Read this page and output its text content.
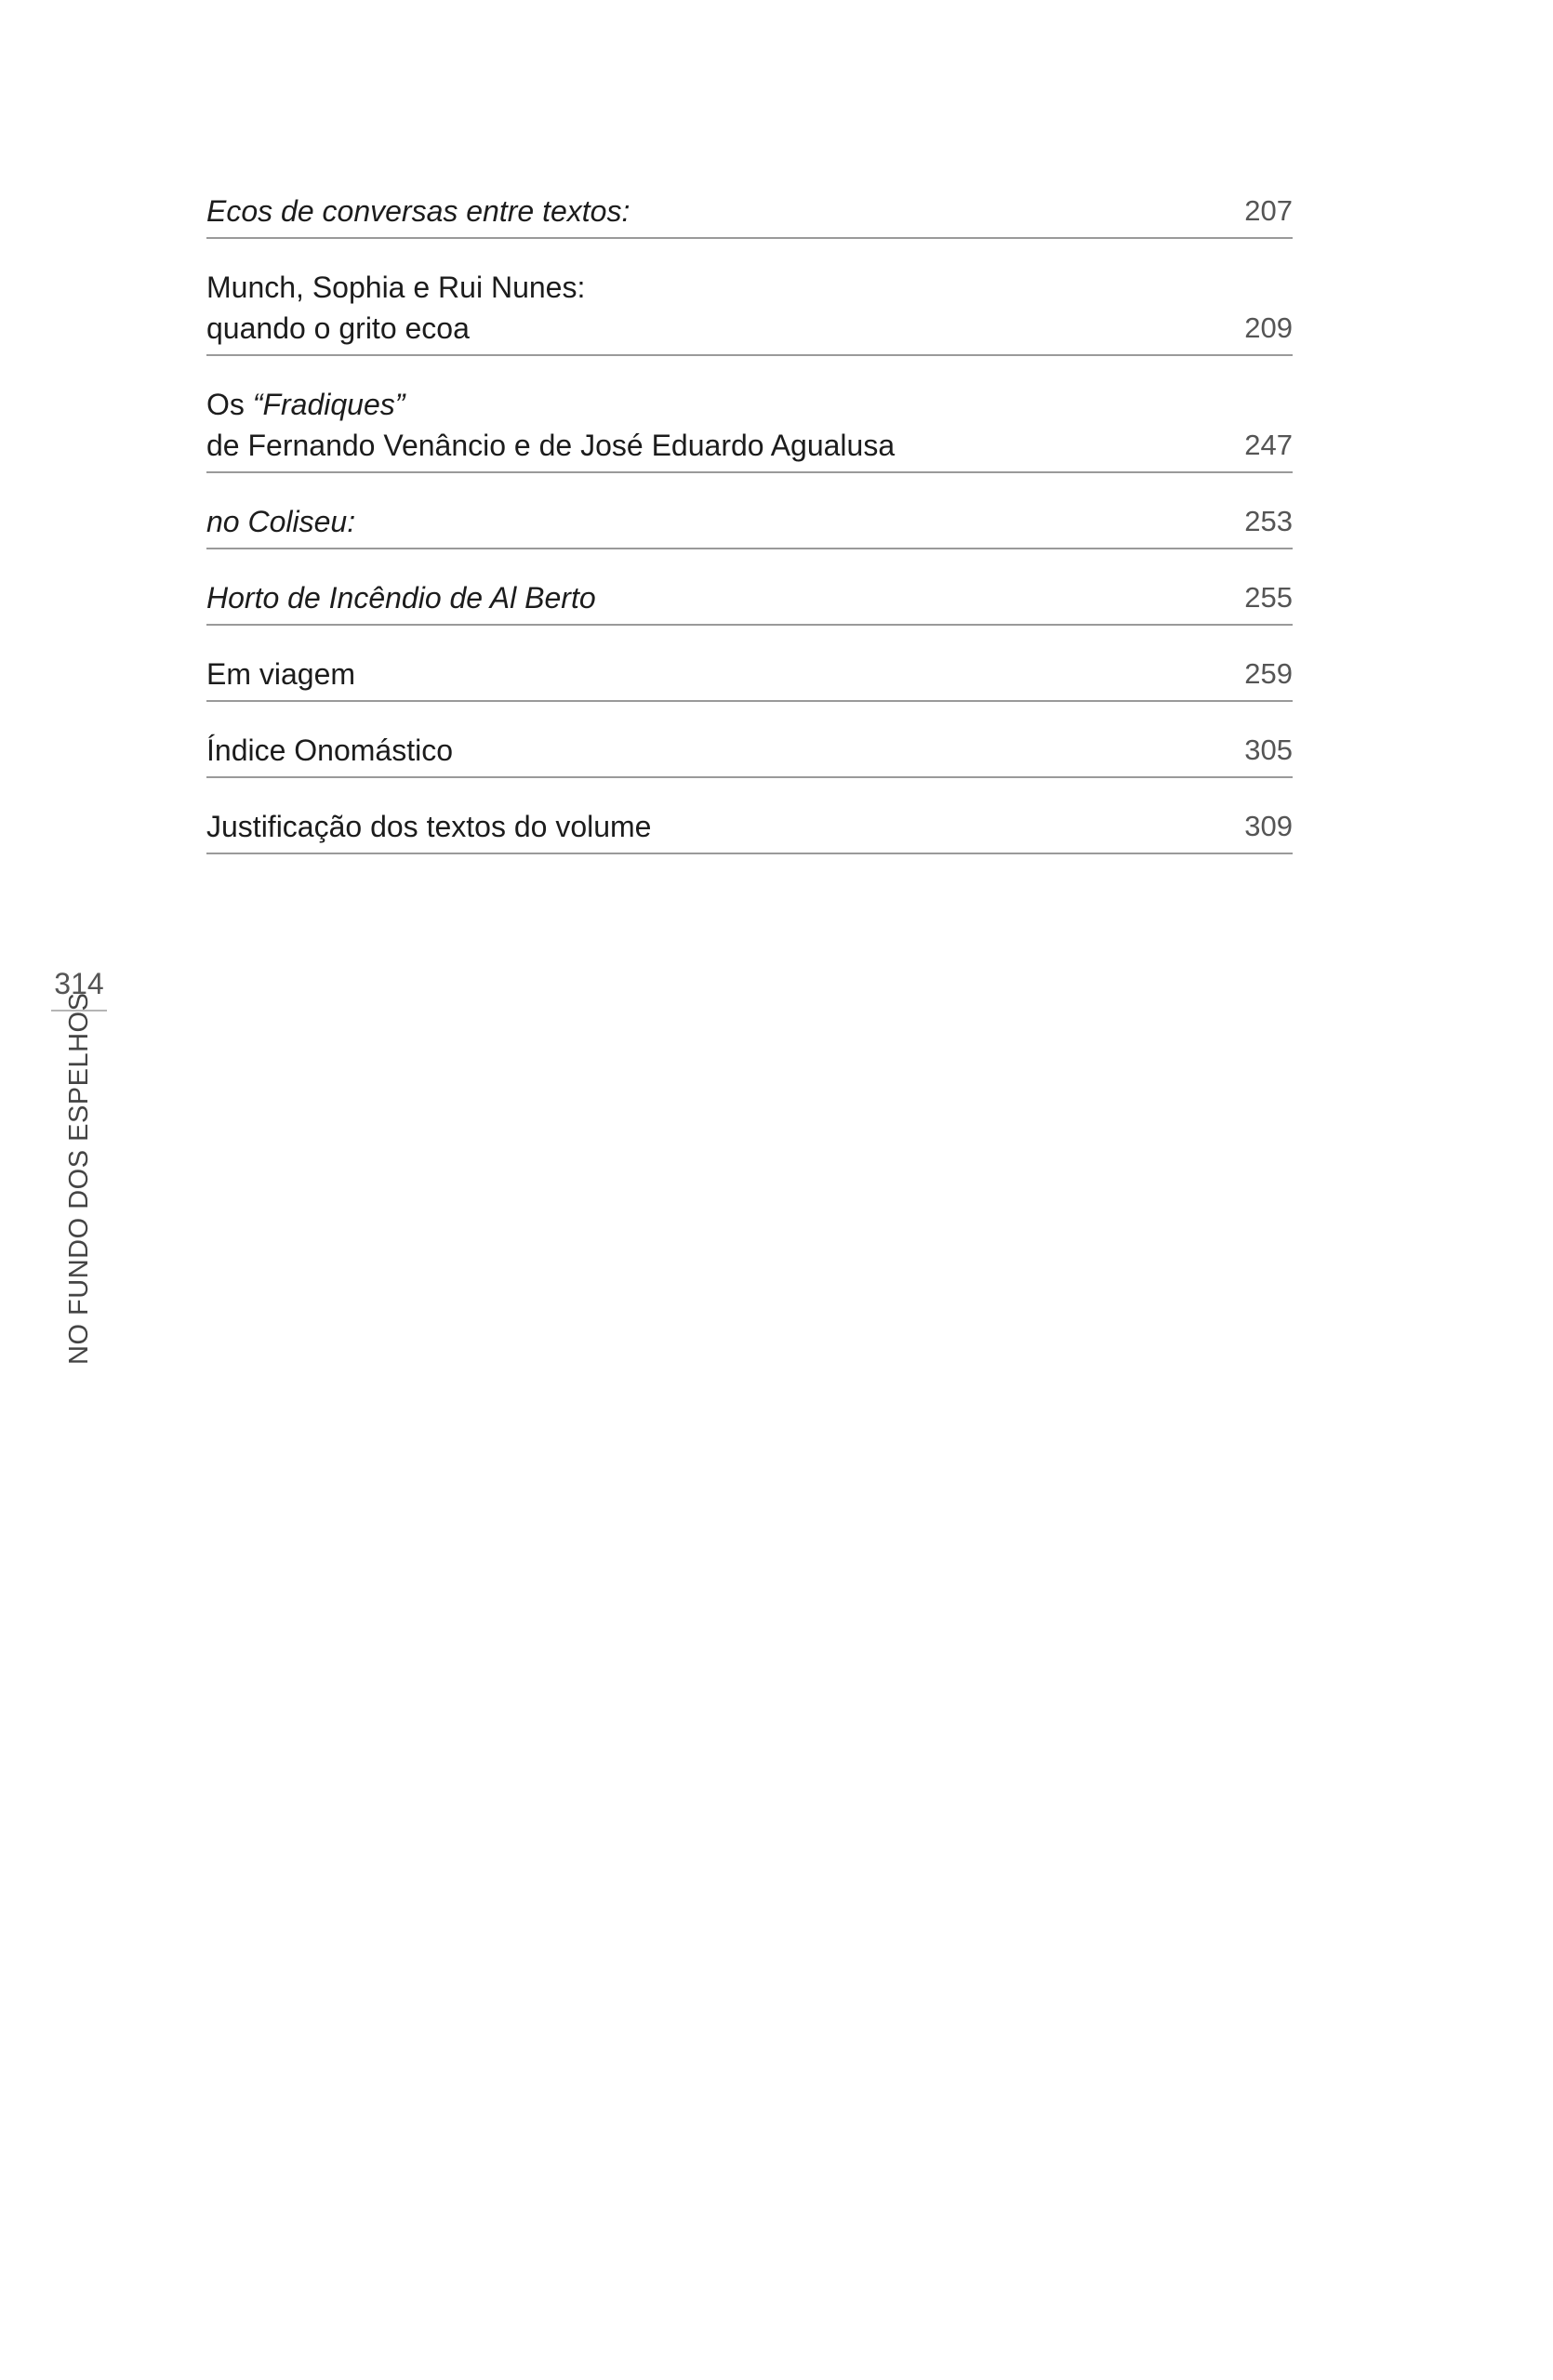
Ecos de conversas entre textos:	207
Munch, Sophia e Rui Nunes:
quando o grito ecoa	209
Os “Fradiques”
de Fernando Venâncio e de José Eduardo Agualusa	247
no Coliseu:	253
Horto de Incêndio de Al Berto	255
Em viagem	259
Índice Onomástico	305
Justificação dos textos do volume	309
314
NO FUNDO DOS ESPELHOS
